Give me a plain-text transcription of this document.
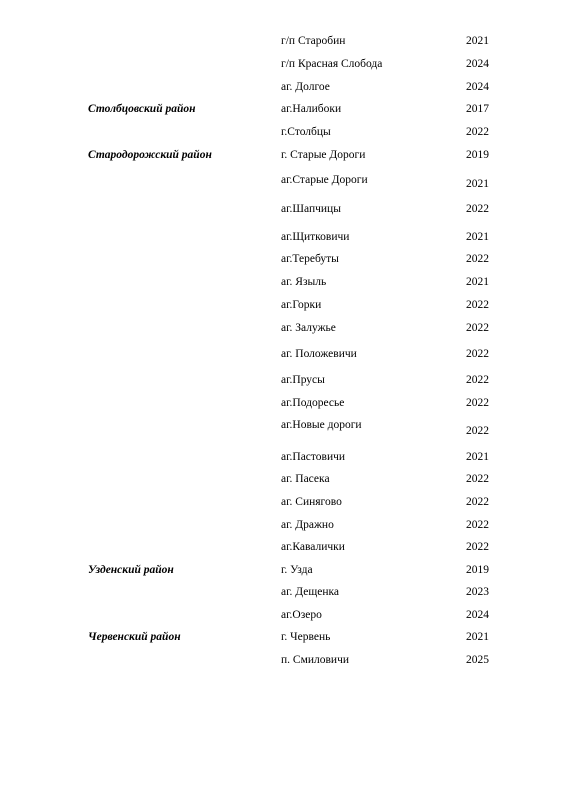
г/п Старобин	2021
г/п Красная Слобода	2024
аг. Долгое	2024
Столбцовский район	аг.Налибоки	2017
г.Столбцы	2022
Стародорожский район	г. Старые Дороги	2019
аг.Старые Дороги	2021
аг.Шапчицы	2022
аг.Щитковичи	2021
аг.Теребуты	2022
аг. Языль	2021
аг.Горки	2022
аг. Залужье	2022
аг. Положевичи	2022
аг.Прусы	2022
аг.Подоресье	2022
аг.Новые дороги	2022
аг.Пастовичи	2021
аг. Пасека	2022
аг. Синягово	2022
аг. Дражно	2022
аг.Кавалички	2022
Узденский район	г. Узда	2019
аг. Дещенка	2023
аг.Озеро	2024
Червенский район	г. Червень	2021
п. Смиловичи	2025
